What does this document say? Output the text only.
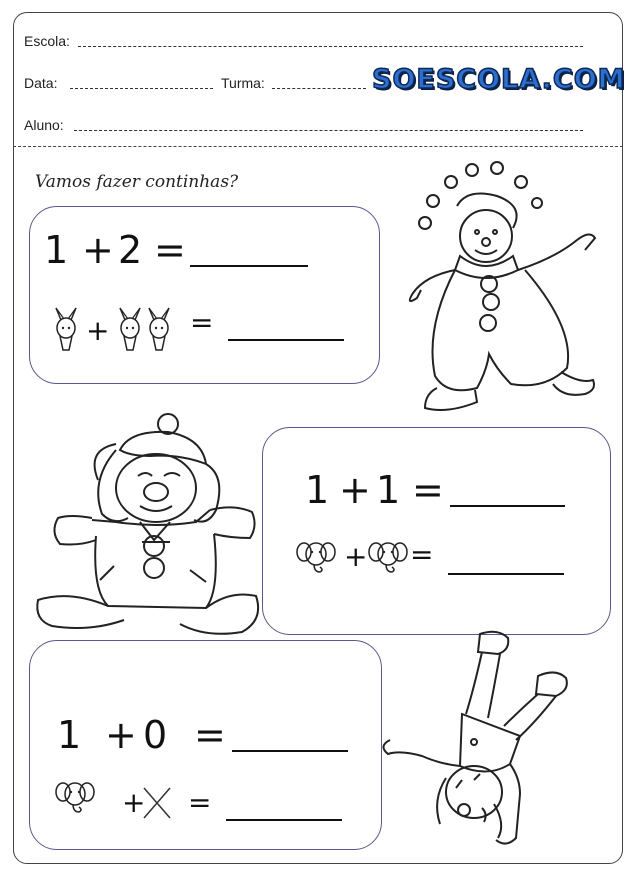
Escola:
Data:	Turma:	SOESCOLA.COM
Aluno:
Vamos fazer continhas?
1 + 2 =
+	=
1 + 1 =
+ =
1 + 0 =
+ =
